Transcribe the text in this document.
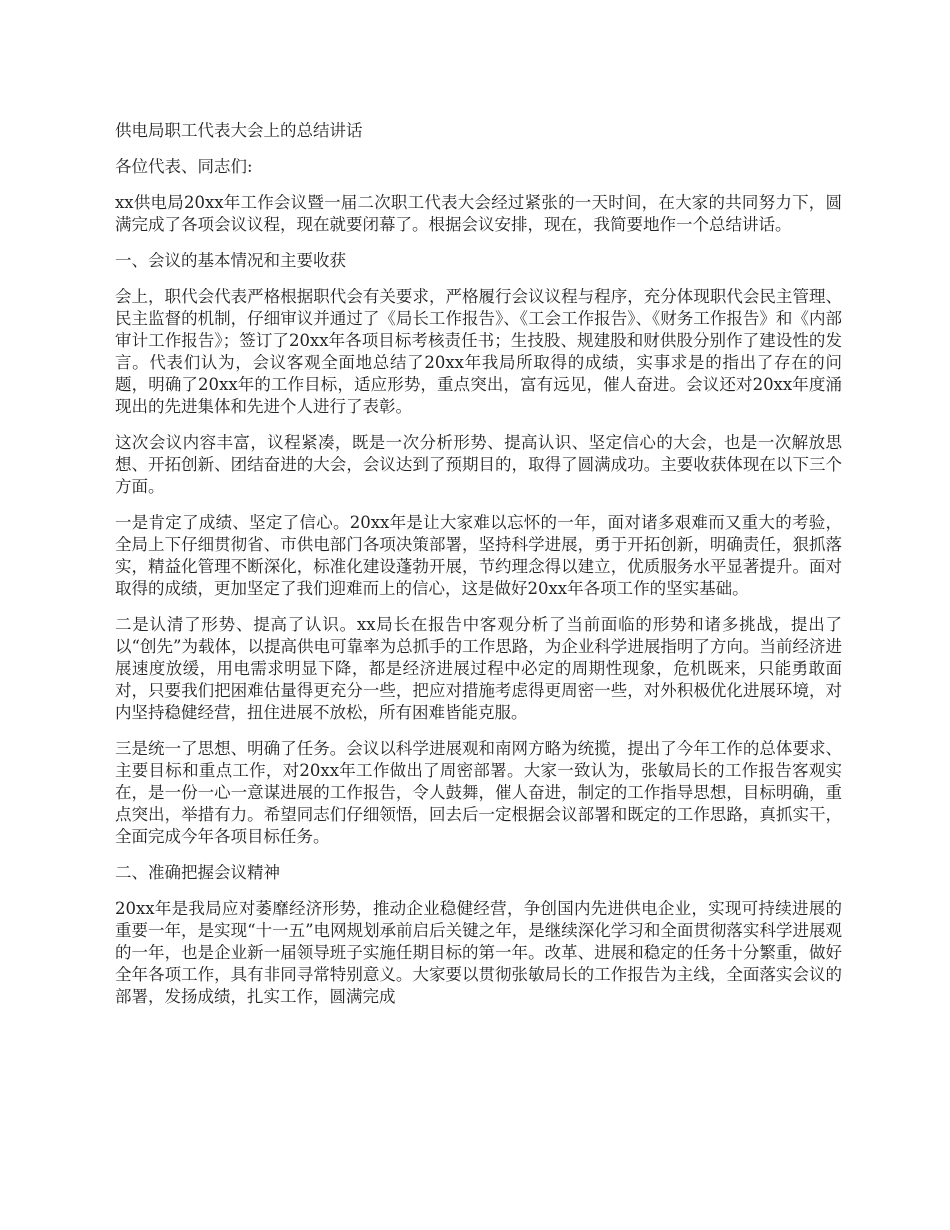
供电局职工代表大会上的总结讲话

各位代表、同志们:

xx供电局20xx年工作会议暨一届二次职工代表大会经过紧张的一天时间，在大家的共同努力下，圆满完成了各项会议议程，现在就要闭幕了。根据会议安排，现在，我简要地作一个总结讲话。

一、会议的基本情况和主要收获

会上，职代会代表严格根据职代会有关要求，严格履行会议议程与程序，充分体现职代会民主管理、民主监督的机制，仔细审议并通过了《局长工作报告》、《工会工作报告》、《财务工作报告》和《内部审计工作报告》；签订了20xx年各项目标考核责任书；生技股、规建股和财供股分别作了建设性的发言。代表们认为，会议客观全面地总结了20xx年我局所取得的成绩，实事求是的指出了存在的问题，明确了20xx年的工作目标，适应形势，重点突出，富有远见，催人奋进。会议还对20xx年度涌现出的先进集体和先进个人进行了表彰。

这次会议内容丰富，议程紧凑，既是一次分析形势、提高认识、坚定信心的大会，也是一次解放思想、开拓创新、团结奋进的大会，会议达到了预期目的，取得了圆满成功。主要收获体现在以下三个方面。

一是肯定了成绩、坚定了信心。20xx年是让大家难以忘怀的一年，面对诸多艰难而又重大的考验，全局上下仔细贯彻省、市供电部门各项决策部署，坚持科学进展，勇于开拓创新，明确责任，狠抓落实，精益化管理不断深化，标准化建设蓬勃开展，节约理念得以建立，优质服务水平显著提升。面对取得的成绩，更加坚定了我们迎难而上的信心，这是做好20xx年各项工作的坚实基础。

二是认清了形势、提高了认识。xx局长在报告中客观分析了当前面临的形势和诸多挑战，提出了以“创先”为载体，以提高供电可靠率为总抓手的工作思路，为企业科学进展指明了方向。当前经济进展速度放缓，用电需求明显下降，都是经济进展过程中必定的周期性现象，危机既来，只能勇敢面对，只要我们把困难估量得更充分一些，把应对措施考虑得更周密一些，对外积极优化进展环境，对内坚持稳健经营，扭住进展不放松，所有困难皆能克服。

三是统一了思想、明确了任务。会议以科学进展观和南网方略为统揽，提出了今年工作的总体要求、主要目标和重点工作，对20xx年工作做出了周密部署。大家一致认为，张敏局长的工作报告客观实在，是一份一心一意谋进展的工作报告，令人鼓舞，催人奋进，制定的工作指导思想，目标明确，重点突出，举措有力。希望同志们仔细领悟，回去后一定根据会议部署和既定的工作思路，真抓实干，全面完成今年各项目标任务。

二、准确把握会议精神

20xx年是我局应对萎靡经济形势，推动企业稳健经营，争创国内先进供电企业，实现可持续进展的重要一年，是实现“十一五”电网规划承前启后关键之年，是继续深化学习和全面贯彻落实科学进展观的一年，也是企业新一届领导班子实施任期目标的第一年。改革、进展和稳定的任务十分繁重，做好全年各项工作，具有非同寻常特别意义。大家要以贯彻张敏局长的工作报告为主线，全面落实会议的部署，发扬成绩，扎实工作，圆满完成
